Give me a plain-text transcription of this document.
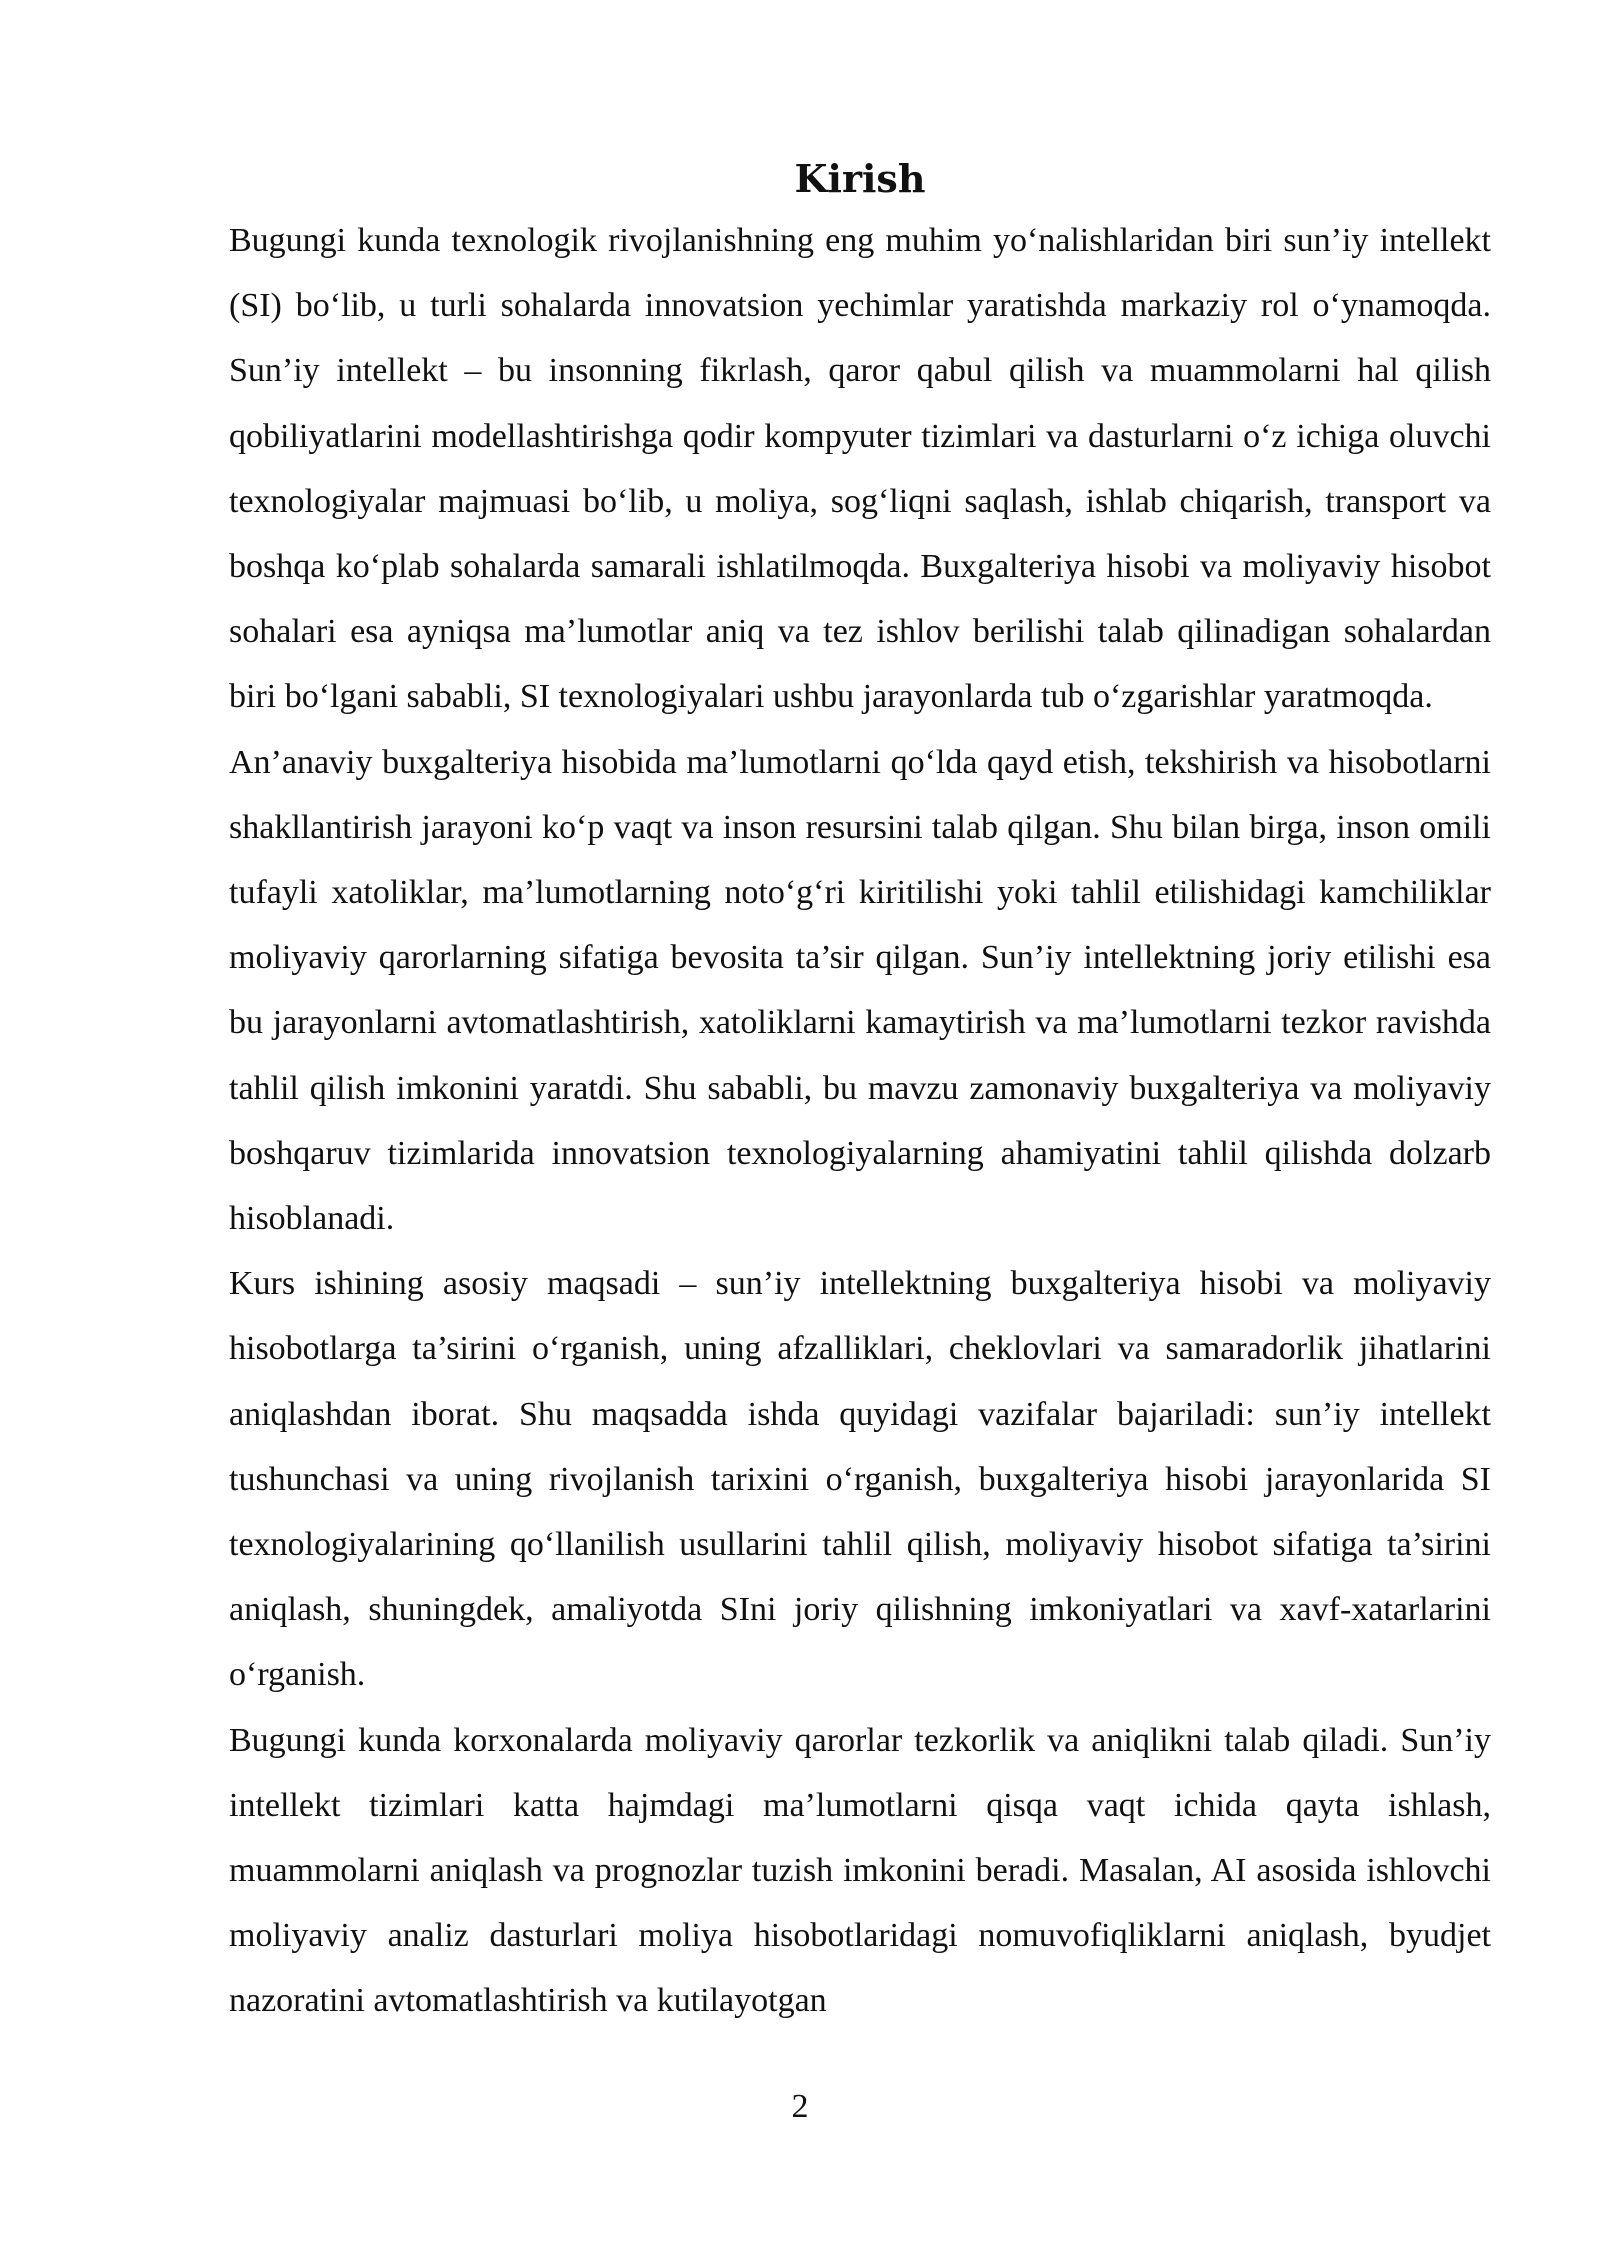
Kirish

Bugungi kunda texnologik rivojlanishning eng muhim yo‘nalishlaridan biri sun’iy intellekt (SI) bo‘lib, u turli sohalarda innovatsion yechimlar yaratishda markaziy rol o‘ynamoqda. Sun’iy intellekt – bu insonning fikrlash, qaror qabul qilish va muammolarni hal qilish qobiliyatlarini modellashtirishga qodir kompyuter tizimlari va dasturlarni o‘z ichiga oluvchi texnologiyalar majmuasi bo‘lib, u moliya, sog‘liqni saqlash, ishlab chiqarish, transport va boshqa ko‘plab sohalarda samarali ishlatilmoqda. Buxgalteriya hisobi va moliyaviy hisobot sohalari esa ayniqsa ma’lumotlar aniq va tez ishlov berilishi talab qilinadigan sohalardan biri bo‘lgani sababli, SI texnologiyalari ushbu jarayonlarda tub o‘zgarishlar yaratmoqda.

An’anaviy buxgalteriya hisobida ma’lumotlarni qo‘lda qayd etish, tekshirish va hisobotlarni shakllantirish jarayoni ko‘p vaqt va inson resursini talab qilgan. Shu bilan birga, inson omili tufayli xatoliklar, ma’lumotlarning noto‘g‘ri kiritilishi yoki tahlil etilishidagi kamchiliklar moliyaviy qarorlarning sifatiga bevosita ta’sir qilgan. Sun’iy intellektning joriy etilishi esa bu jarayonlarni avtomatlashtirish, xatoliklarni kamaytirish va ma’lumotlarni tezkor ravishda tahlil qilish imkonini yaratdi. Shu sababli, bu mavzu zamonaviy buxgalteriya va moliyaviy boshqaruv tizimlarida innovatsion texnologiyalarning ahamiyatini tahlil qilishda dolzarb hisoblanadi.

Kurs ishining asosiy maqsadi – sun’iy intellektning buxgalteriya hisobi va moliyaviy hisobotlarga ta’sirini o‘rganish, uning afzalliklari, cheklovlari va samaradorlik jihatlarini aniqlashdan iborat. Shu maqsadda ishda quyidagi vazifalar bajariladi: sun’iy intellekt tushunchasi va uning rivojlanish tarixini o‘rganish, buxgalteriya hisobi jarayonlarida SI texnologiyalarining qo‘llanilish usullarini tahlil qilish, moliyaviy hisobot sifatiga ta’sirini aniqlash, shuningdek, amaliyotda SIni joriy qilishning imkoniyatlari va xavf-xatarlarini o‘rganish.

Bugungi kunda korxonalarda moliyaviy qarorlar tezkorlik va aniqlikni talab qiladi. Sun’iy intellekt tizimlari katta hajmdagi ma’lumotlarni qisqa vaqt ichida qayta ishlash, muammolarni aniqlash va prognozlar tuzish imkonini beradi. Masalan, AI asosida ishlovchi moliyaviy analiz dasturlari moliya hisobotlaridagi nomuvofiqliklarni aniqlash, byudjet nazoratini avtomatlashtirish va kutilayotgan

2
